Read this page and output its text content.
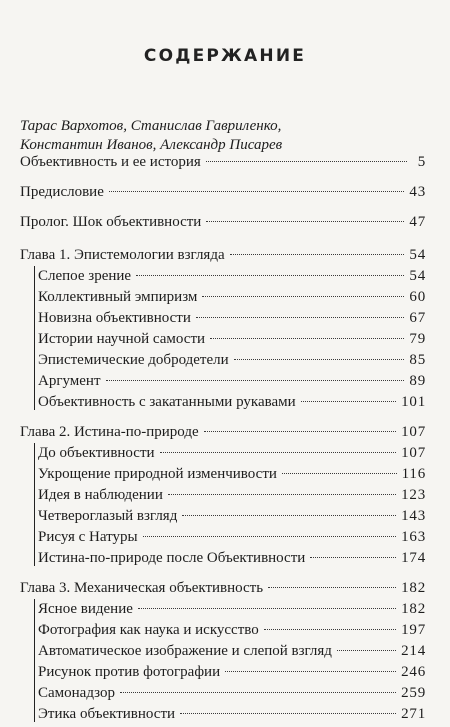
СОДЕРЖАНИЕ
Тарас Вархотов, Станислав Гавриленко,
Константин Иванов, Александр Писарев
Объективность и ее история	5
Предисловие	43
Пролог. Шок объективности	47
Глава 1. Эпистемологии взгляда	54
Слепое зрение	54
Коллективный эмпиризм	60
Новизна объективности	67
Истории научной самости	79
Эпистемические добродетели	85
Аргумент	89
Объективность с закатанными рукавами	101
Глава 2. Истина-по-природе	107
До объективности	107
Укрощение природной изменчивости	116
Идея в наблюдении	123
Четвероглазый взгляд	143
Рисуя с Натуры	163
Истина-по-природе после Объективности	174
Глава 3. Механическая объективность	182
Ясное видение	182
Фотография как наука и искусство	197
Автоматическое изображение и слепой взгляд	214
Рисунок против фотографии	246
Самонадзор	259
Этика объективности	271
